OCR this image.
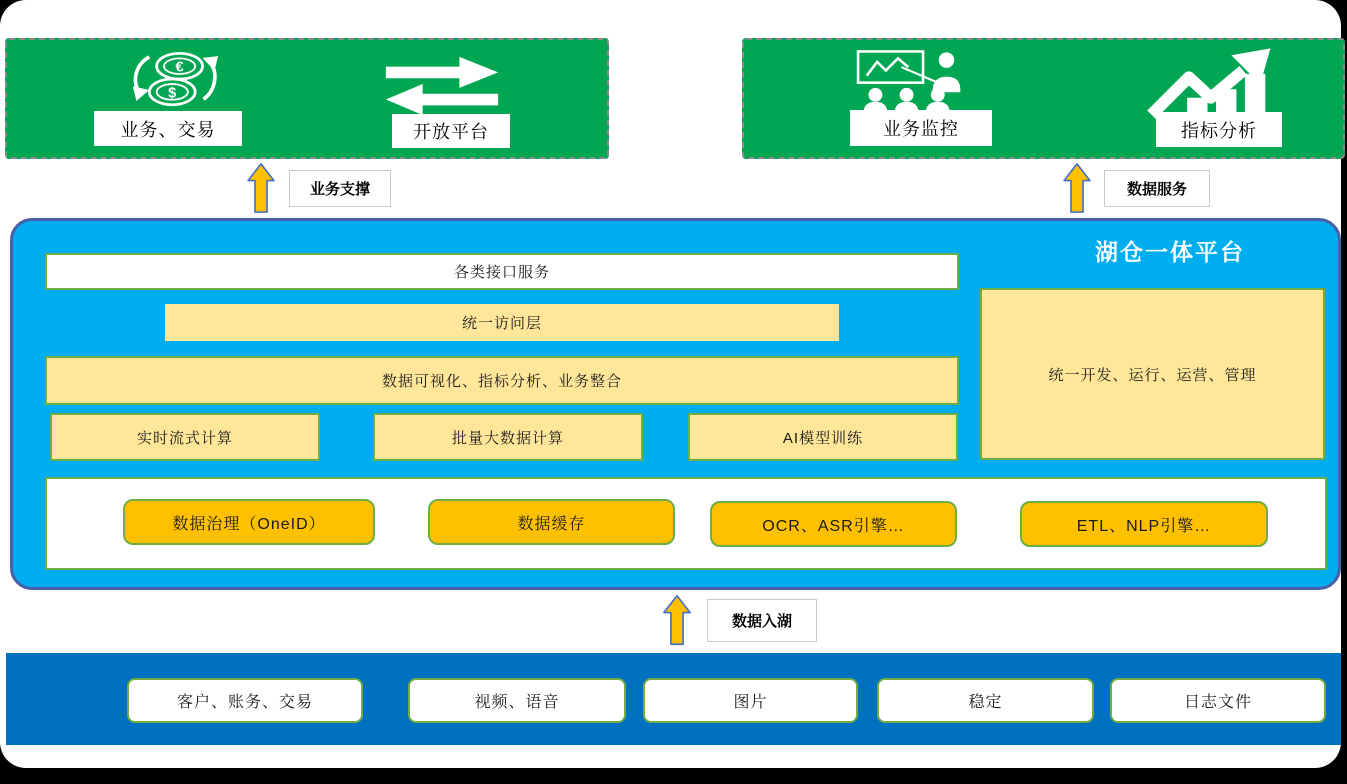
€
$
业务、交易	开放平台
业务支撑
业务监控	指标分析
数据服务
湖仓一体平台
各类接口服务
统一访问层
数据可视化、指标分析、业务整合
实时流式计算	批量大数据计算	AI模型训练
统一开发、运行、运营、管理
数据治理（OneID）	数据缓存	OCR、ASR引擎…	ETL、NLP引擎…
数据入湖
客户、账务、交易	视频、语音	图片	稳定	日志文件
